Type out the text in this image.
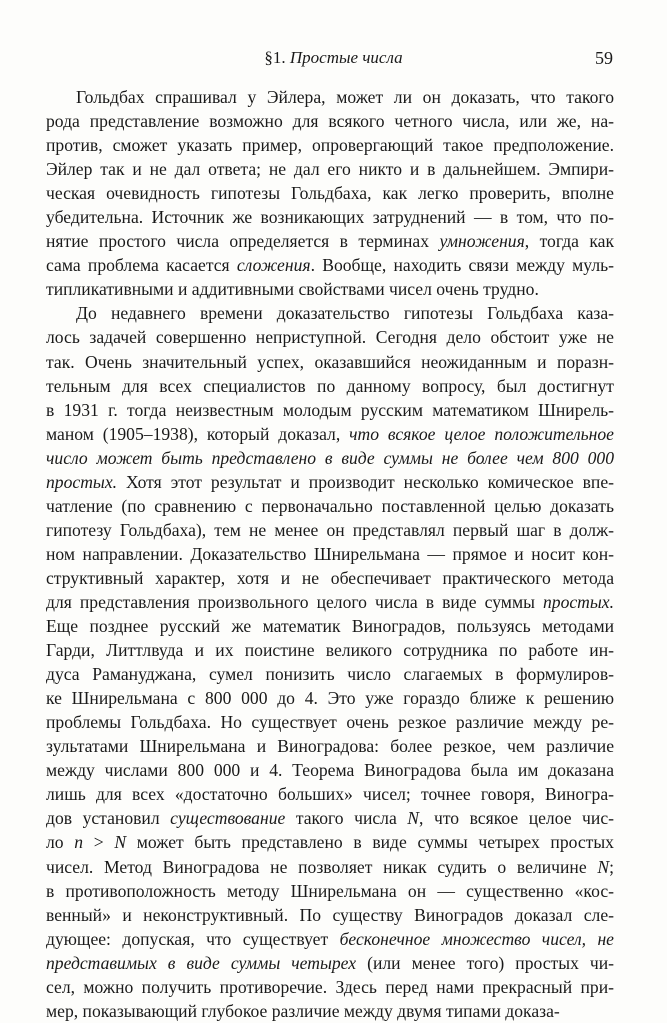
§1. Простые числа	59

Гольдбах спрашивал у Эйлера, может ли он доказать, что такого
рода представление возможно для всякого четного числа, или же, на-
против, сможет указать пример, опровергающий такое предположение.
Эйлер так и не дал ответа; не дал его никто и в дальнейшем. Эмпири-
ческая очевидность гипотезы Гольдбаха, как легко проверить, вполне
убедительна. Источник же возникающих затруднений — в том, что по-
нятие простого числа определяется в терминах умножения, тогда как
сама проблема касается сложения. Вообще, находить связи между муль-
типликативными и аддитивными свойствами чисел очень трудно.

До недавнего времени доказательство гипотезы Гольдбаха каза-
лось задачей совершенно неприступной. Сегодня дело обстоит уже не
так. Очень значительный успех, оказавшийся неожиданным и поразн-
тельным для всех специалистов по данному вопросу, был достигнут
в 1931 г. тогда неизвестным молодым русским математиком Шнирель-
маном (1905–1938), который доказал, что всякое целое положительное
число может быть представлено в виде суммы не более чем 800 000
простых. Хотя этот результат и производит несколько комическое впе-
чатление (по сравнению с первоначально поставленной целью доказать
гипотезу Гольдбаха), тем не менее он представлял первый шаг в долж-
ном направлении. Доказательство Шнирельмана — прямое и носит кон-
структивный характер, хотя и не обеспечивает практического метода
для представления произвольного целого числа в виде суммы простых.
Еще позднее русский же математик Виноградов, пользуясь методами
Гарди, Литтлвуда и их поистине великого сотрудника по работе ин-
дуса Рамануджана, сумел понизить число слагаемых в формулиров-
ке Шнирельмана с 800 000 до 4. Это уже гораздо ближе к решению
проблемы Гольдбаха. Но существует очень резкое различие между ре-
зультатами Шнирельмана и Виноградова: более резкое, чем различие
между числами 800 000 и 4. Теорема Виноградова была им доказана
лишь для всех «достаточно больших» чисел; точнее говоря, Виногра-
дов установил существование такого числа N, что всякое целое чис-
ло n > N может быть представлено в виде суммы четырех простых
чисел. Метод Виноградова не позволяет никак судить о величине N;
в противоположность методу Шнирельмана он — существенно «кос-
венный» и неконструктивный. По существу Виноградов доказал сле-
дующее: допуская, что существует бесконечное множество чисел, не
представимых в виде суммы четырех (или менее того) простых чи-
сел, можно получить противоречие. Здесь перед нами прекрасный при-
мер, показывающий глубокое различие между двумя типами доказа-
